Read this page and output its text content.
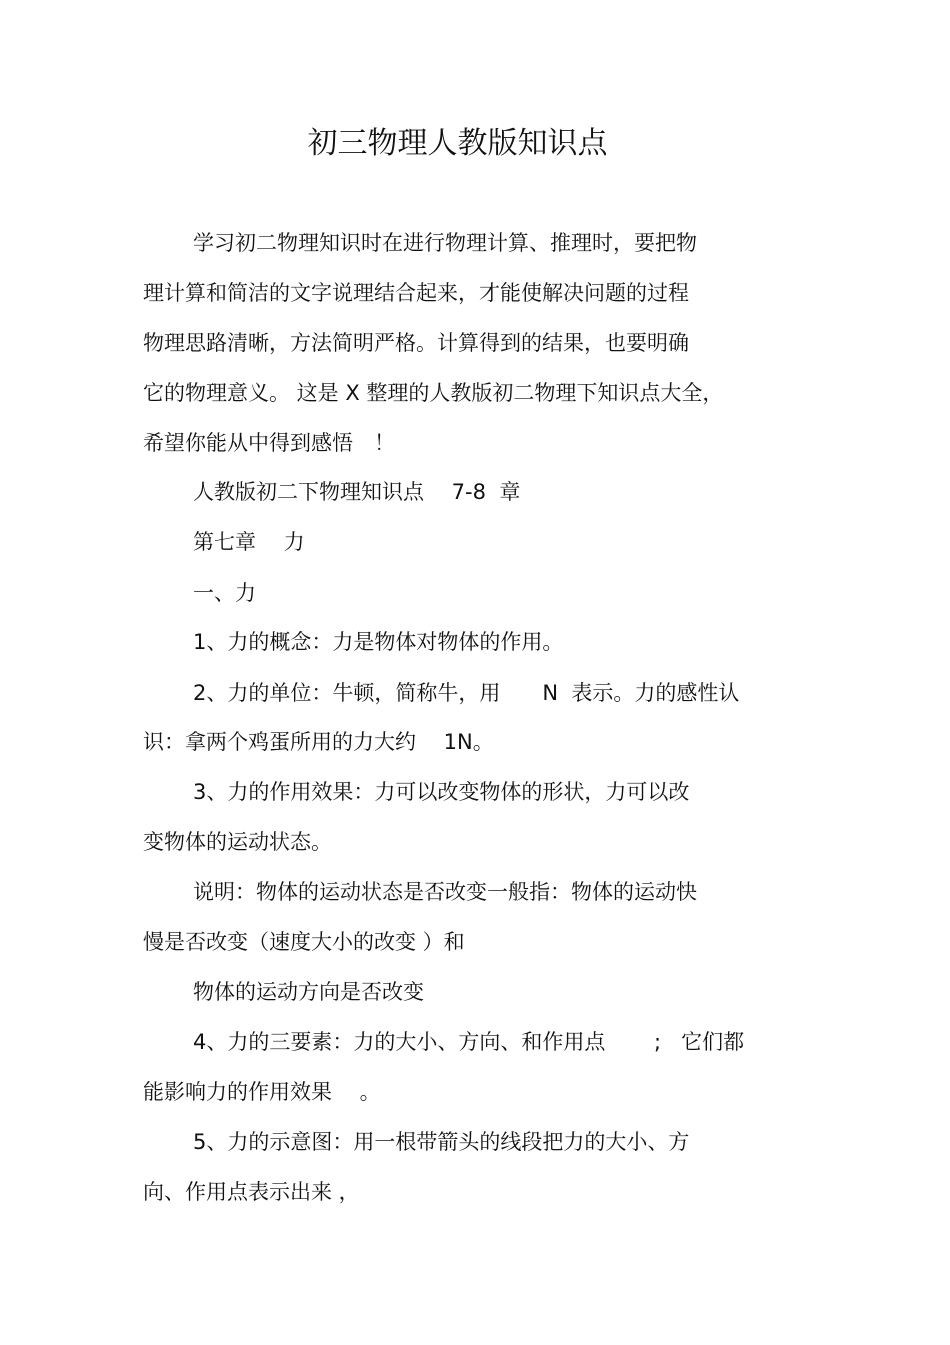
初三物理人教版知识点
学习初二物理知识时在进行物理计算、推理时，要把物
理计算和简洁的文字说理结合起来，才能使解决问题的过程
物理思路清晰，方法简明严格。计算得到的结果，也要明确
它的物理意义。 这是 X 整理的人教版初二物理下知识点大全，
希望你能从中得到感悟　！
人教版初二下物理知识点　 7-8  章
第七章　 力
一、力
1、力的概念：力是物体对物体的作用。
2、力的单位：牛顿，简称牛，用　　N  表示。力的感性认
识：拿两个鸡蛋所用的力大约　 1N。
3、力的作用效果：力可以改变物体的形状，力可以改
变物体的运动状态。
说明：物体的运动状态是否改变一般指：物体的运动快
慢是否改变（速度大小的改变 ）和
物体的运动方向是否改变
4、力的三要素：力的大小、方向、和作用点　　 ;   它们都
能影响力的作用效果　 。
5、力的示意图：用一根带箭头的线段把力的大小、方
向、作用点表示出来 ，
